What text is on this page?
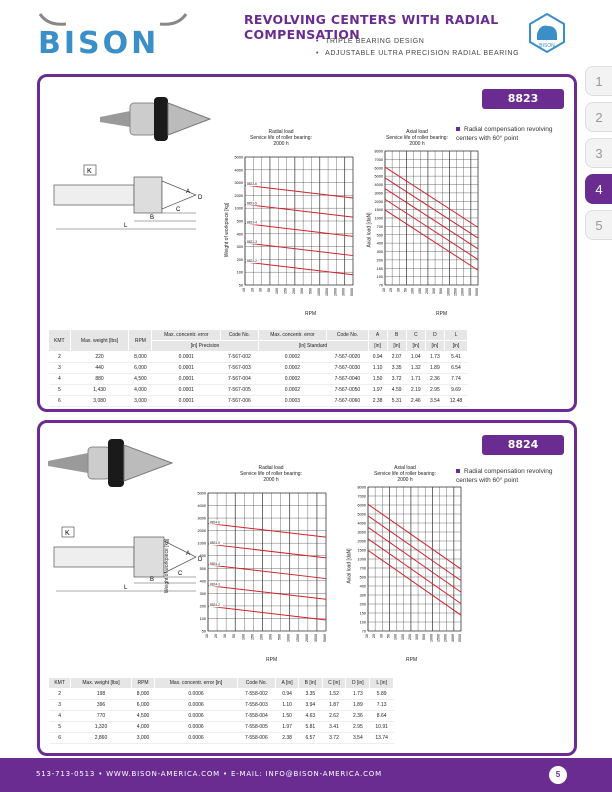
BISON
REVOLVING CENTERS WITH RADIAL COMPENSATION
• TRIPLE BEARING DESIGN
• ADJUSTABLE ULTRA PRECISION RADIAL BEARING
BISON
1
2
3
4
5
8823
Radial compensation revolving centers with 60° point
K
L
B
C
A
D
Radial load
Service life of roller bearing:
2000 h
Weight of workpiece [kg]
RPM
10 20 30 50 100 150 200 300 500 1000 1500 2000 3000 5000
5000
4000
3000
2000
1000
500
400
300
200
100
50
8823-6
8823-5
8823-4
8823-3
8823-2
Axial load
Service life of roller bearing:
2000 h
Axial load [daN]
RPM
10 20 30 50 100 150 200 300 500 1000 1500 2000 3000 5000
8000
7000
6000
5000
4000
3000
2000
1500
1000
700
500
400
300
200
150
100
70
KMT	Max. weight [lbs]	RPM	Max. concentr. error	Code No.	Max. concentr. error	Code No.	A	B	C	D	L
			[in] Precision		[in] Standard		[in]	[in]	[in]	[in]	[in]
2	220	8,000	0.0001	7-567-002	0.0002	7-567-0020	0.94	2.07	1.04	1.73	5.41
3	440	6,000	0.0001	7-567-003	0.0002	7-567-0030	1.10	3.35	1.32	1.89	6.54
4	880	4,500	0.0001	7-567-004	0.0002	7-567-0040	1.50	3.72	1.71	2.36	7.74
5	1,430	4,000	0.0001	7-567-005	0.0002	7-567-0050	1.97	4.59	2.19	2.95	9.69
6	3,080	3,000	0.0001	7-567-006	0.0003	7-567-0060	2.38	5.31	2.46	3.54	12.48
8824
Radial compensation revolving centers with 60° point
K
L
B
C
A
D
Radial load
Service life of roller bearing:
2000 h
Weight of workpiece [kg]
RPM
10 20 30 50 100 150 200 300 500 1000 1500 2000 3000 5000
5000
4000
3000
2000
1000
600
500
400
300
200
100
50
8824-6
8824-5
8824-4
8824-3
8824-2
Axial load
Service life of roller bearing:
2000 h
Axial load [daN]
RPM
10 20 30 50 100 150 200 300 500 1000 1500 2000 3000 5000
8000
7000
6000
5000
4000
3000
2000
1500
1000
700
500
400
300
200
150
100
70
KMT	Max. weight [lbs]	RPM	Max. concentr. error [in]	Code No.	A [in]	B [in]	C [in]	D [in]	L [in]
2	198	8,000	0.0006	7-558-002	0.94	3.35	1.52	1.73	5.89
3	396	6,000	0.0006	7-558-003	1.10	3.94	1.87	1.89	7.13
4	770	4,500	0.0006	7-558-004	1.50	4.63	2.62	2.36	8.64
5	1,320	4,000	0.0006	7-558-005	1.97	5.81	3.41	2.95	10.91
6	2,860	3,000	0.0006	7-558-006	2.38	6.57	3.72	3.54	13.74
513-713-0513 • WWW.BISON-AMERICA.COM • E-MAIL: INFO@BISON-AMERICA.COM	5
